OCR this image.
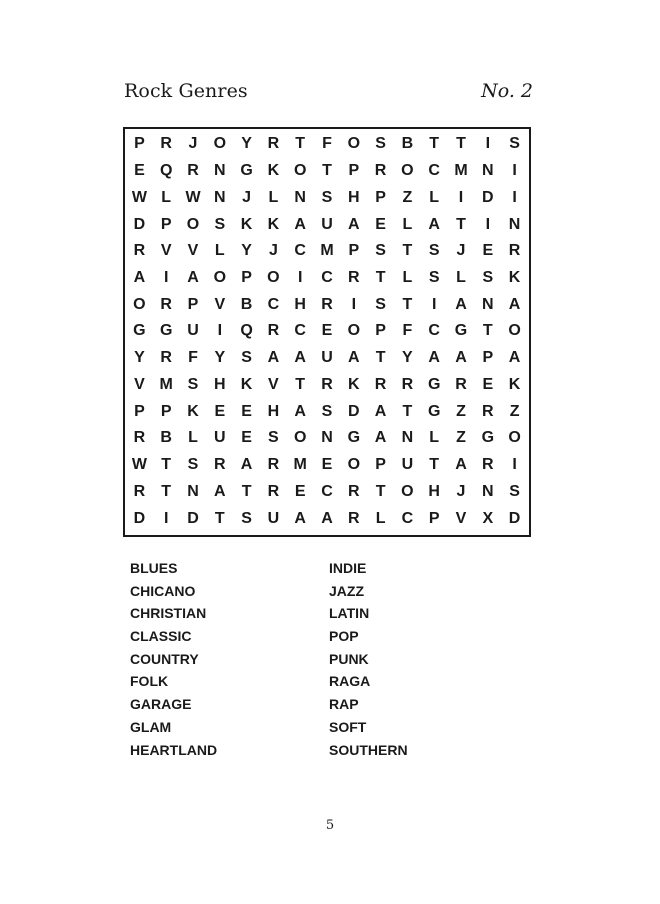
Rock Genres	No. 2
P R	J	O Y R	T	F O S B	T	T	I	S
E Q R N G K O T	P R O C M N	I
W L W N	J	L	N S H P	Z	L	I	D	I
D P O S K K A U A E	L	A	T	I	N
R V	V	L	Y	J	C M P	S	T	S	J	E R
A	I	A O P O	I	C R	T	L	S	L	S K
O R P	V B C H R	I	S	T	I	A N A
G G U	I	Q R C E O P	F	C G T O
Y R	F	Y	S A A U A	T	Y A A P A
V M S H K V	T	R K R R G R E K
P	P K E	E H A S D A	T G Z	R	Z
R B	L	U E	S O N G A N	L	Z G O
W T	S R A R M E O P U	T	A R	I
R	T	N A	T	R E C R	T O H	J	N S
D	I	D	T	S U A A R	L	C P	V	X D
BLUES
CHICANO
CHRISTIAN
CLASSIC
COUNTRY
FOLK
GARAGE
GLAM
HEARTLAND
INDIE
JAZZ
LATIN
POP
PUNK
RAGA
RAP
SOFT
SOUTHERN
5
